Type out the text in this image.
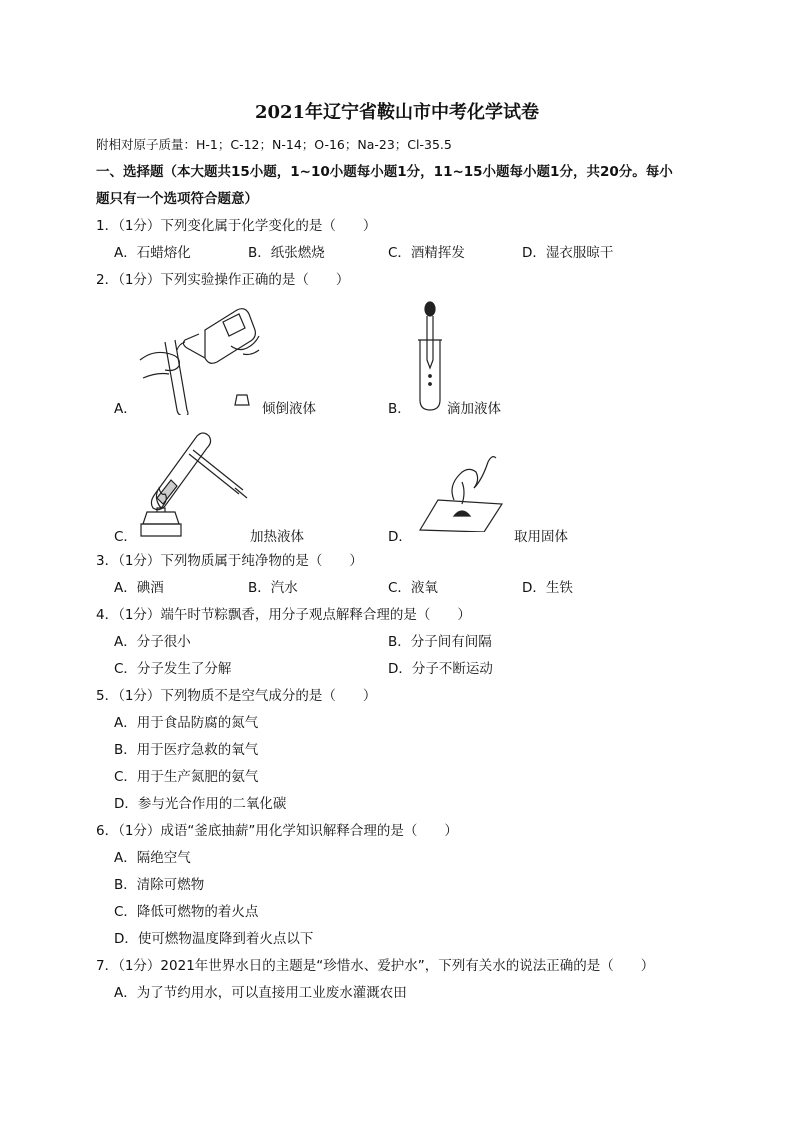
2021年辽宁省鞍山市中考化学试卷
附相对原子质量：H-1；C-12；N-14；O-16；Na-23；Cl-35.5
一、选择题（本大题共15小题，1~10小题每小题1分，11~15小题每小题1分，共20分。每小
题只有一个选项符合题意）
1．（1分）下列变化属于化学变化的是（　　）
A．石蜡熔化	B．纸张燃烧	C．酒精挥发	D．湿衣服晾干
2．（1分）下列实验操作正确的是（　　）
A．	倾倒液体	B．	滴加液体
C．	加热液体	D．	取用固体
3．（1分）下列物质属于纯净物的是（　　）
A．碘酒	B．汽水	C．液氧	D．生铁
4．（1分）端午时节粽飘香，用分子观点解释合理的是（　　）
A．分子很小	B．分子间有间隔
C．分子发生了分解	D．分子不断运动
5．（1分）下列物质不是空气成分的是（　　）
A．用于食品防腐的氮气
B．用于医疗急救的氧气
C．用于生产氮肥的氨气
D．参与光合作用的二氧化碳
6．（1分）成语“釜底抽薪”用化学知识解释合理的是（　　）
A．隔绝空气
B．清除可燃物
C．降低可燃物的着火点
D．使可燃物温度降到着火点以下
7．（1分）2021年世界水日的主题是“珍惜水、爱护水”，下列有关水的说法正确的是（　　）
A．为了节约用水，可以直接用工业废水灌溉农田
